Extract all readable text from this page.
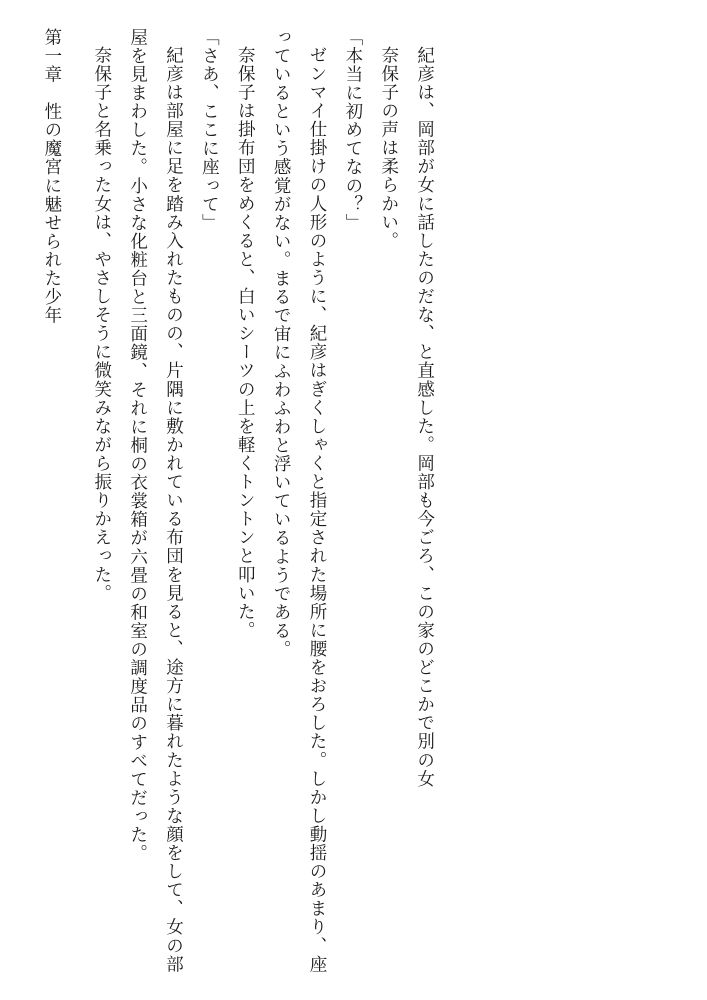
第一章　性の魔宮に魅せられた少年	奈保子と名乗った女は、やさしそうに微笑みながら振りかえった。	紀彦は部屋に足を踏み入れたものの、片隅に敷かれている布団を見ると、途方に暮れたような顔をして、女の部屋を見まわした。小さな化粧台と三面鏡、それに桐の衣裳箱が六畳の和室の調度品のすべてだった。	「さあ、ここに座って」 奈保子は掛布団をめくると、白いシーツの上を軽くトントンと叩いた。	ゼンマイ仕掛けの人形のように、紀彦はぎくしゃくと指定された場所に腰をおろした。しかし動揺のあまり、座っているという感覚がない。まるで宙にふわふわと浮いているようである。	「本当に初めてなの？」 奈保子の声は柔らかい。 紀彦は、岡部が女に話したのだな、と直感した。岡部も今ごろ、この家のどこかで別の女
